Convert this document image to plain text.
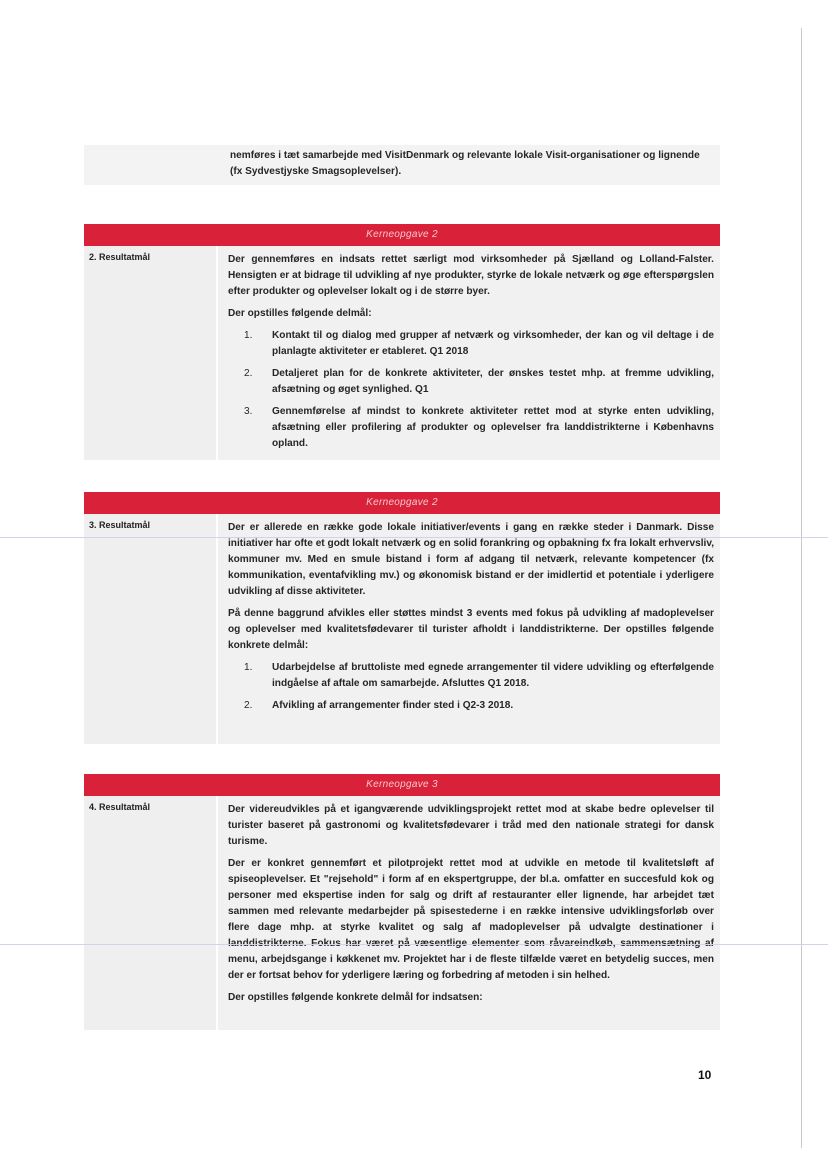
nemføres i tæt samarbejde med VisitDenmark og relevante lokale Visit-organisationer og lignende (fx Sydvestjyske Smagsoplevelser).
Kerneopgave 2
2. Resultatmål	Der gennemføres en indsats rettet særligt mod virksomheder på Sjælland og Lolland-Falster. Hensigten er at bidrage til udvikling af nye produkter, styrke de lokale netværk og øge efterspørgslen efter produkter og oplevelser lokalt og i de større byer.

Der opstilles følgende delmål:

1.	Kontakt til og dialog med grupper af netværk og virksomheder, der kan og vil deltage i de planlagte aktiviteter er etableret. Q1 2018
2.	Detaljeret plan for de konkrete aktiviteter, der ønskes testet mhp. at fremme udvikling, afsætning og øget synlighed. Q1
3.	Gennemførelse af mindst to konkrete aktiviteter rettet mod at styrke enten udvikling, afsætning eller profilering af produkter og oplevelser fra landdistrikterne i Københavns opland.
Kerneopgave 2
3. Resultatmål	Der er allerede en række gode lokale initiativer/events i gang en række steder i Danmark. Disse initiativer har ofte et godt lokalt netværk og en solid forankring og opbakning fx fra lokalt erhvervsliv, kommuner mv. Med en smule bistand i form af adgang til netværk, relevante kompetencer (fx kommunikation, eventafvikling mv.) og økonomisk bistand er der imidlertid et potentiale i yderligere udvikling af disse aktiviteter.

På denne baggrund afvikles eller støttes mindst 3 events med fokus på udvikling af madoplevelser og oplevelser med kvalitetsfødevarer til turister afholdt i landdistrikterne. Der opstilles følgende konkrete delmål:

1.	Udarbejdelse af bruttoliste med egnede arrangementer til videre udvikling og efterfølgende indgåelse af aftale om samarbejde. Afsluttes Q1 2018.
2.	Afvikling af arrangementer finder sted i Q2-3 2018.
Kerneopgave 3
4. Resultatmål	Der videreudvikles på et igangværende udviklingsprojekt rettet mod at skabe bedre oplevelser til turister baseret på gastronomi og kvalitetsfødevarer i tråd med den nationale strategi for dansk turisme.

Der er konkret gennemført et pilotprojekt rettet mod at udvikle en metode til kvalitetsløft af spiseoplevelser. Et "rejsehold" i form af en ekspertgruppe, der bl.a. omfatter en succesfuld kok og personer med ekspertise inden for salg og drift af restauranter eller lignende, har arbejdet tæt sammen med relevante medarbejder på spisestederne i en række intensive udviklingsforløb over flere dage mhp. at styrke kvalitet og salg af madoplevelser på udvalgte destinationer i menu, arbejdsgange i køkkenet mv. Projektet har i de fleste tilfælde været en betydelig succes, men der er fortsat behov for yderligere læring og forbedring af metoden i sin helhed.

Der opstilles følgende konkrete delmål for indsatsen:

10
